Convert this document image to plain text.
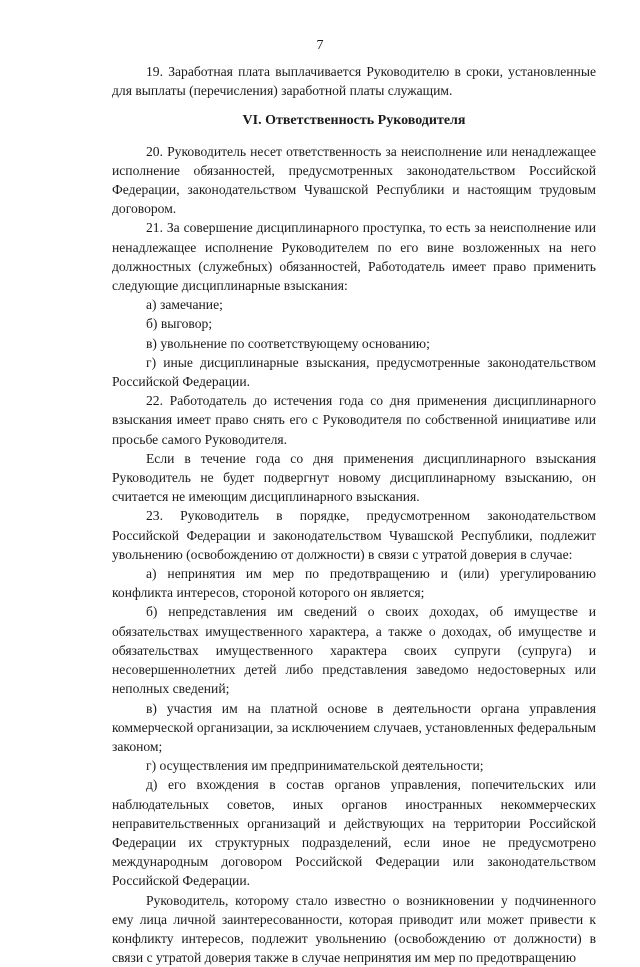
7

19. Заработная плата выплачивается Руководителю в сроки, установленные для выплаты (перечисления) заработной платы служащим.

VI. Ответственность Руководителя

20. Руководитель несет ответственность за неисполнение или ненадлежащее исполнение обязанностей, предусмотренных законодательством Российской Федерации, законодательством Чувашской Республики и настоящим трудовым договором.

21. За совершение дисциплинарного проступка, то есть за неисполнение или ненадлежащее исполнение Руководителем по его вине возложенных на него должностных (служебных) обязанностей, Работодатель имеет право применить следующие дисциплинарные взыскания:

а) замечание;

б) выговор;

в) увольнение по соответствующему основанию;

г) иные дисциплинарные взыскания, предусмотренные законодательством Российской Федерации.

22. Работодатель до истечения года со дня применения дисциплинарного взыскания имеет право снять его с Руководителя по собственной инициативе или просьбе самого Руководителя.

Если в течение года со дня применения дисциплинарного взыскания Руководитель не будет подвергнут новому дисциплинарному взысканию, он считается не имеющим дисциплинарного взыскания.

23. Руководитель в порядке, предусмотренном законодательством Российской Федерации и законодательством Чувашской Республики, подлежит увольнению (освобождению от должности) в связи с утратой доверия в случае:

а) непринятия им мер по предотвращению и (или) урегулированию конфликта интересов, стороной которого он является;

б) непредставления им сведений о своих доходах, об имуществе и обязательствах имущественного характера, а также о доходах, об имуществе и обязательствах имущественного характера своих супруги (супруга) и несовершеннолетних детей либо представления заведомо недостоверных или неполных сведений;

в) участия им на платной основе в деятельности органа управления коммерческой организации, за исключением случаев, установленных федеральным законом;

г) осуществления им предпринимательской деятельности;

д) его вхождения в состав органов управления, попечительских или наблюдательных советов, иных органов иностранных некоммерческих неправительственных организаций и действующих на территории Российской Федерации их структурных подразделений, если иное не предусмотрено международным договором Российской Федерации или законодательством Российской Федерации.

Руководитель, которому стало известно о возникновении у подчиненного ему лица личной заинтересованности, которая приводит или может привести к конфликту интересов, подлежит увольнению (освобождению от должности) в связи с утратой доверия также в случае непринятия им мер по предотвращению
